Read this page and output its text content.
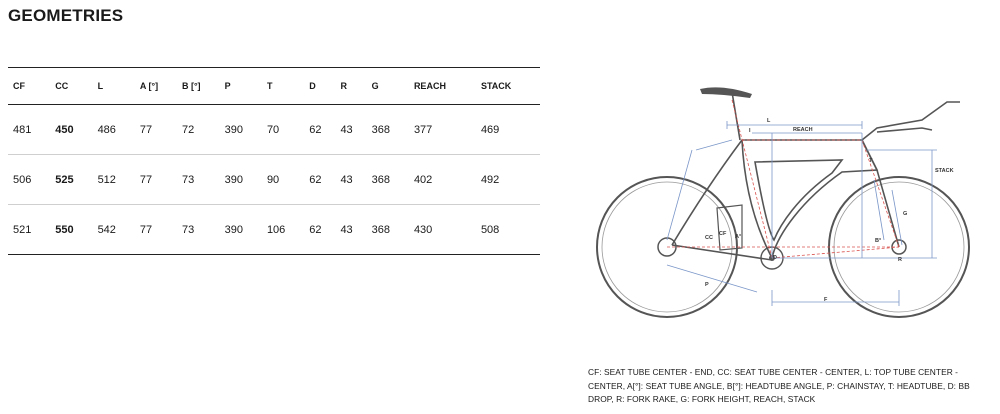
GEOMETRIES
CF	CC	L	A [°]	B [°]	P	T	D	R	G	REACH	STACK
481	450	486	77	72	390	70	62	43	368	377	469
506	525	512	77	73	390	90	62	43	368	402	492
521	550	542	77	73	390	106	62	43	368	430	508
L
I	REACH
T
STACK
G
B°
R
CC
CF A°
D
P
F

CF: SEAT TUBE CENTER - END, CC: SEAT TUBE CENTER - CENTER, L: TOP TUBE CENTER - CENTER, A[°]: SEAT TUBE ANGLE, B[°]: HEADTUBE ANGLE, P: CHAINSTAY, T: HEADTUBE, D: BB DROP, R: FORK RAKE, G: FORK HEIGHT, REACH, STACK
